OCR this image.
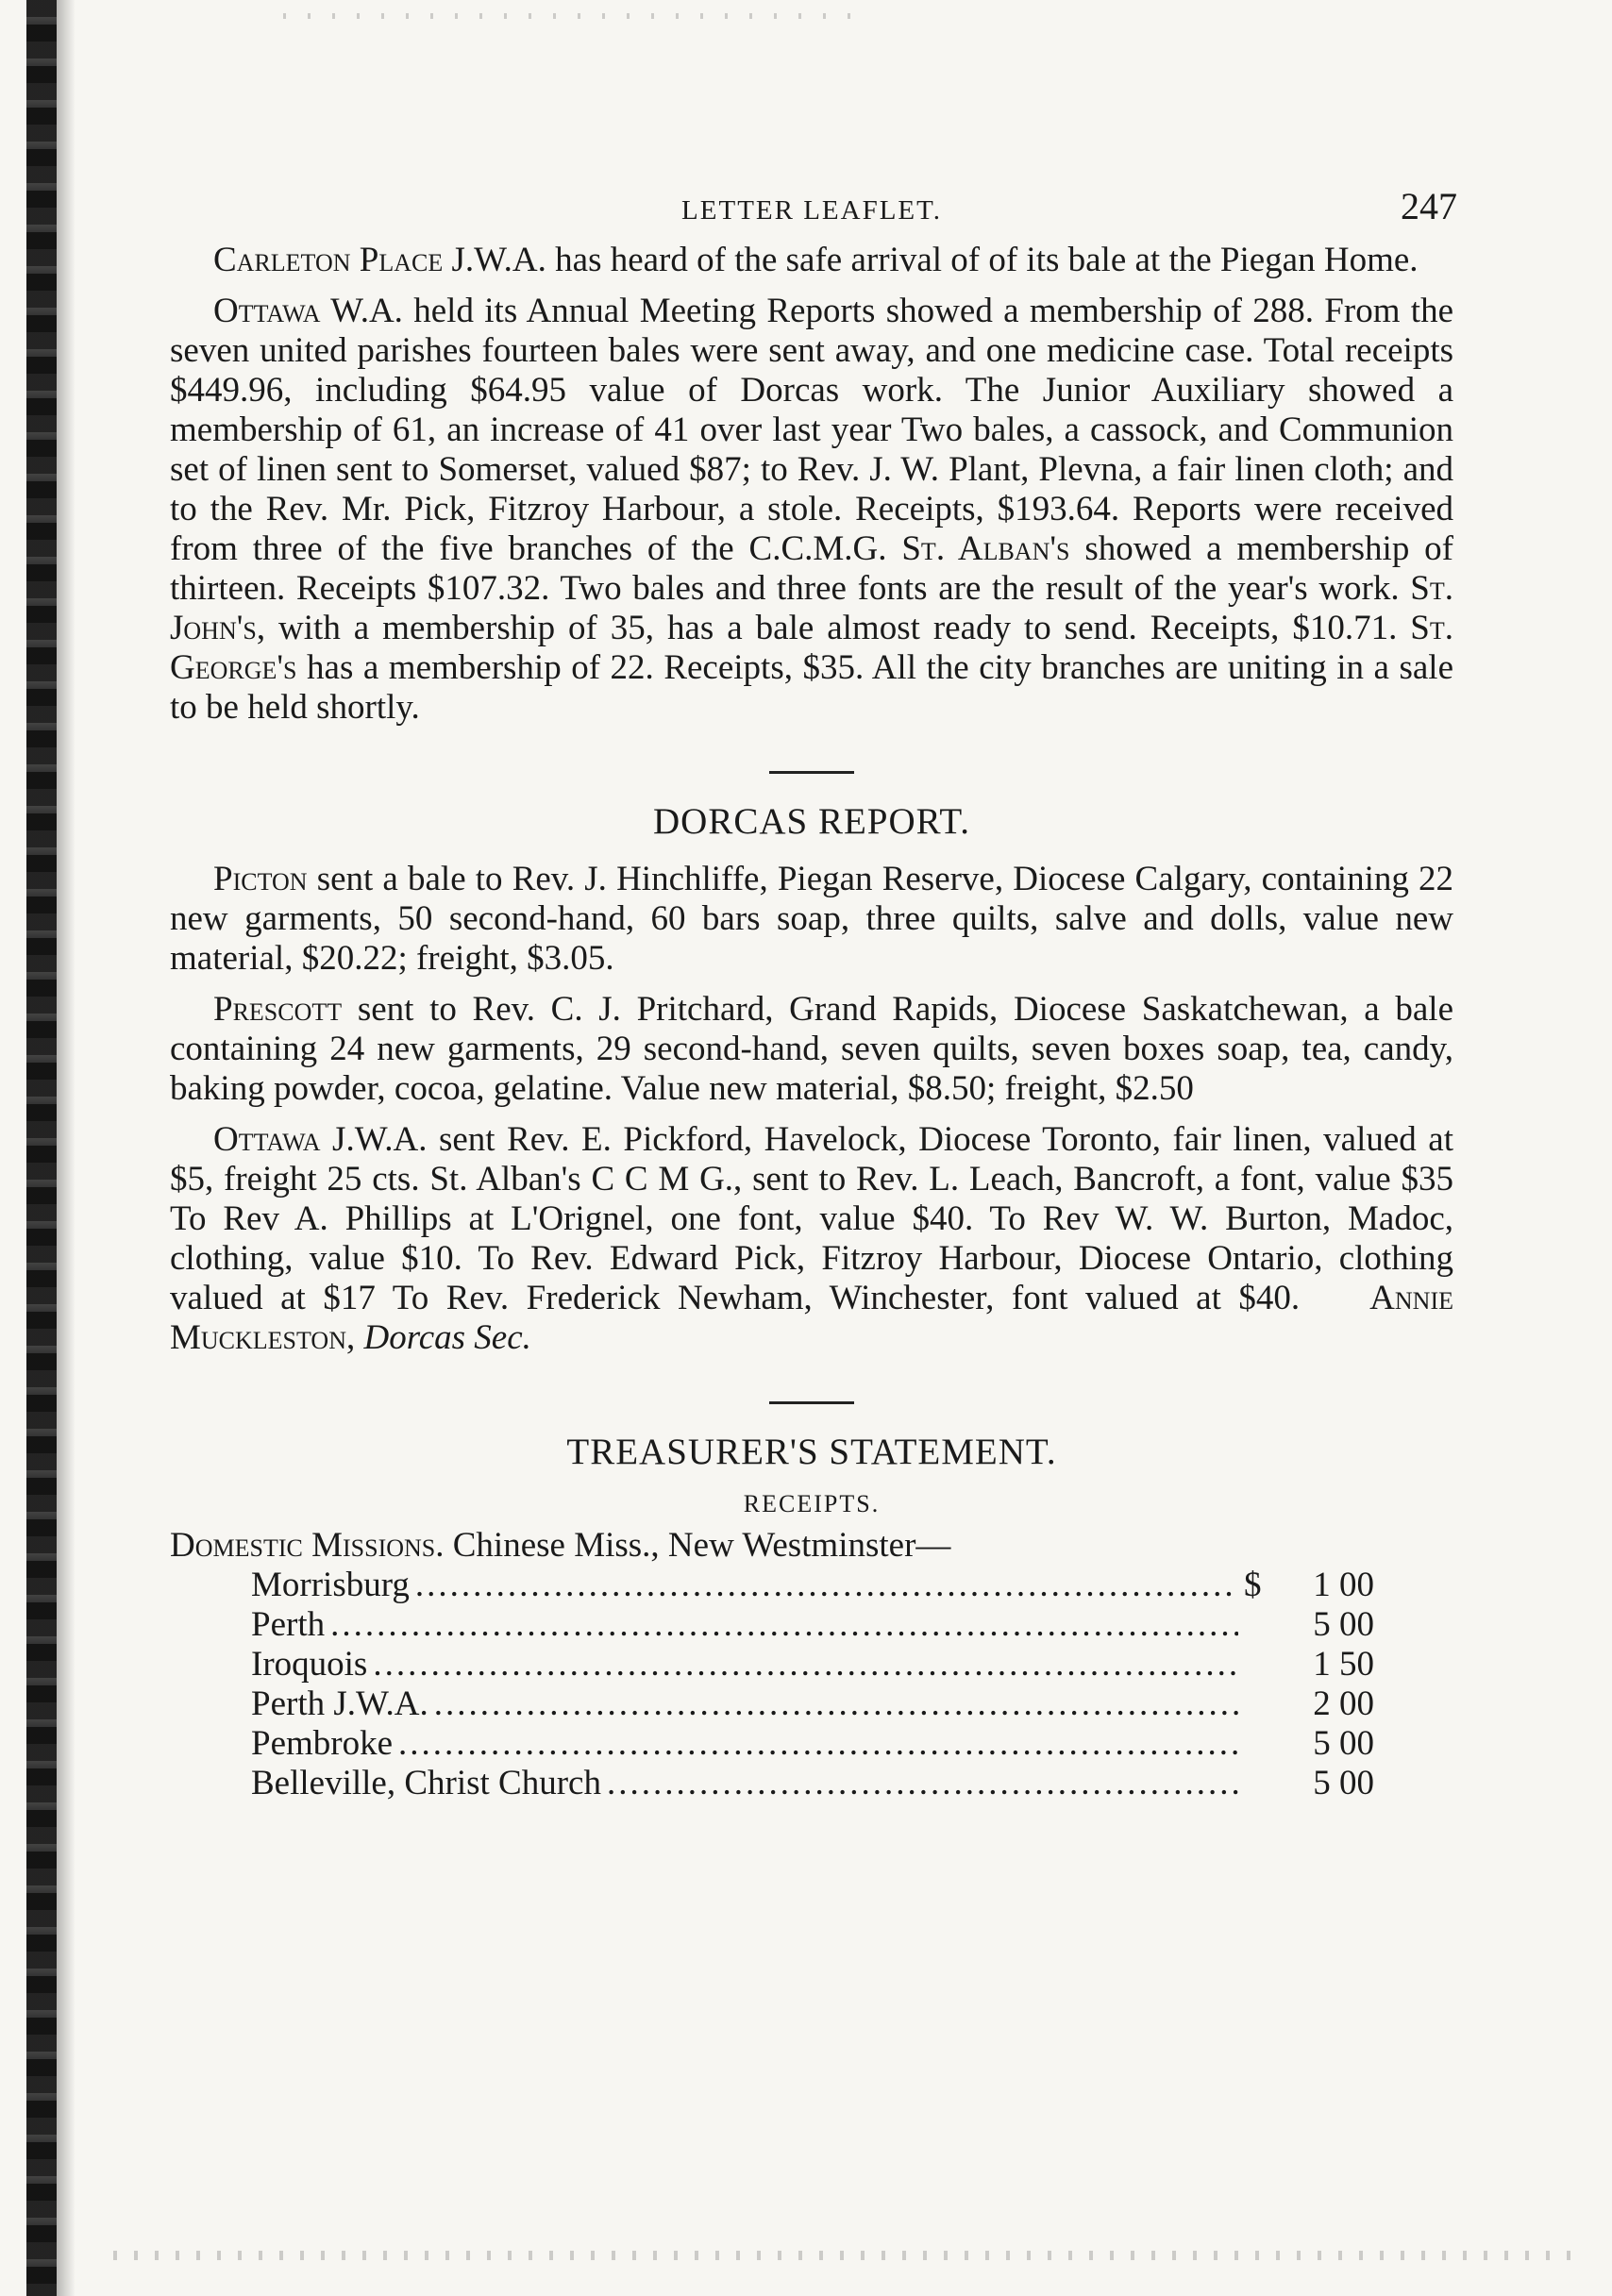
LETTER LEAFLET.	247

Carleton Place J.W.A. has heard of the safe arrival of of its bale at the Piegan Home.

Ottawa W.A. held its Annual Meeting Reports showed a membership of 288. From the seven united parishes fourteen bales were sent away, and one medicine case. Total receipts $449.96, including $64.95 value of Dorcas work. The Junior Auxiliary showed a membership of 61, an increase of 41 over last year Two bales, a cassock, and Communion set of linen sent to Somerset, valued $87; to Rev. J. W. Plant, Plevna, a fair linen cloth; and to the Rev. Mr. Pick, Fitzroy Harbour, a stole. Receipts, $193.64. Reports were received from three of the five branches of the C.C.M.G. St. Alban's showed a membership of thirteen. Receipts $107.32. Two bales and three fonts are the result of the year's work. St. John's, with a membership of 35, has a bale almost ready to send. Receipts, $10.71. St. George's has a membership of 22. Receipts, $35. All the city branches are uniting in a sale to be held shortly.

DORCAS REPORT.

Picton sent a bale to Rev. J. Hinchliffe, Piegan Reserve, Diocese Calgary, containing 22 new garments, 50 second-hand, 60 bars soap, three quilts, salve and dolls, value new material, $20.22; freight, $3.05.

Prescott sent to Rev. C. J. Pritchard, Grand Rapids, Diocese Saskatchewan, a bale containing 24 new garments, 29 second-hand, seven quilts, seven boxes soap, tea, candy, baking powder, cocoa, gelatine. Value new material, $8.50; freight, $2.50

Ottawa J.W.A. sent Rev. E. Pickford, Havelock, Diocese Toronto, fair linen, valued at $5, freight 25 cts. St. Alban's C C M G., sent to Rev. L. Leach, Bancroft, a font, value $35 To Rev A. Phillips at L'Orignel, one font, value $40. To Rev W. W. Burton, Madoc, clothing, value $10. To Rev. Edward Pick, Fitzroy Harbour, Diocese Ontario, clothing valued at $17 To Rev. Frederick Newham, Winchester, font valued at $40.    Annie Muckleston, Dorcas Sec.

TREASURER'S STATEMENT.
RECEIPTS.
Domestic Missions. Chinese Miss., New Westminster—
Morrisburg .....	$	1 00
Perth .....	5 00
Iroquois .....	1 50
Perth J.W.A. .....	2 00
Pembroke .....	5 00
Belleville, Christ Church .....	5 00
